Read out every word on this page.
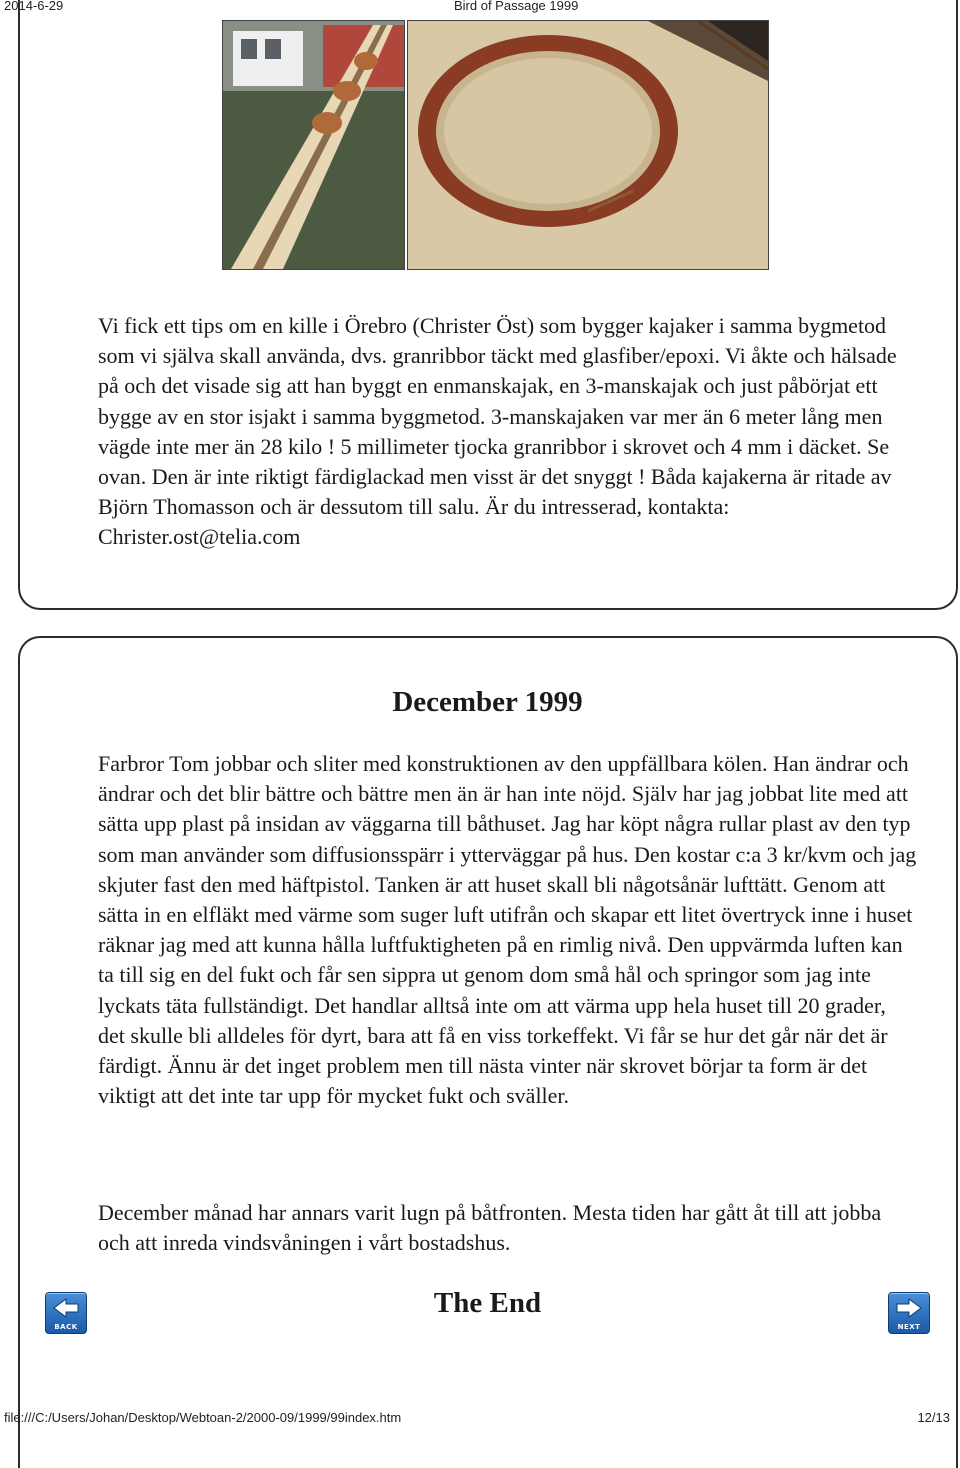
2014-6-29	Bird of Passage 1999

Vi fick ett tips om en kille i Örebro (Christer Öst) som bygger kajaker i samma bygmetod som vi själva skall använda, dvs. granribbor täckt med glasfiber/epoxi. Vi åkte och hälsade på och det visade sig att han byggt en enmanskajak, en 3-manskajak och just påbörjat ett bygge av en stor isjakt i samma byggmetod. 3-manskajaken var mer än 6 meter lång men vägde inte mer än 28 kilo ! 5 millimeter tjocka granribbor i skrovet och 4 mm i däcket. Se ovan. Den är inte riktigt färdiglackad men visst är det snyggt ! Båda kajakerna är ritade av Björn Thomasson och är dessutom till salu. Är du intresserad, kontakta: Christer.ost@telia.com

December 1999

Farbror Tom jobbar och sliter med konstruktionen av den uppfällbara kölen. Han ändrar och ändrar och det blir bättre och bättre men än är han inte nöjd. Själv har jag jobbat lite med att sätta upp plast på insidan av väggarna till båthuset. Jag har köpt några rullar plast av den typ som man använder som diffusionsspärr i ytterväggar på hus. Den kostar c:a 3 kr/kvm och jag skjuter fast den med häftpistol. Tanken är att huset skall bli någotsånär lufttätt. Genom att sätta in en elfläkt med värme som suger luft utifrån och skapar ett litet övertryck inne i huset räknar jag med att kunna hålla luftfuktigheten på en rimlig nivå. Den uppvärmda luften kan ta till sig en del fukt och får sen sippra ut genom dom små hål och springor som jag inte lyckats täta fullständigt. Det handlar alltså inte om att värma upp hela huset till 20 grader, det skulle bli alldeles för dyrt, bara att få en viss torkeffekt. Vi får se hur det går när det är färdigt. Ännu är det inget problem men till nästa vinter när skrovet börjar ta form är det viktigt att det inte tar upp för mycket fukt och sväller.

December månad har annars varit lugn på båtfronten. Mesta tiden har gått åt till att jobba och att inreda vindsvåningen i vårt bostadshus.

The End
BACK	NEXT
file:///C:/Users/Johan/Desktop/Webtoan-2/2000-09/1999/99index.htm	12/13
